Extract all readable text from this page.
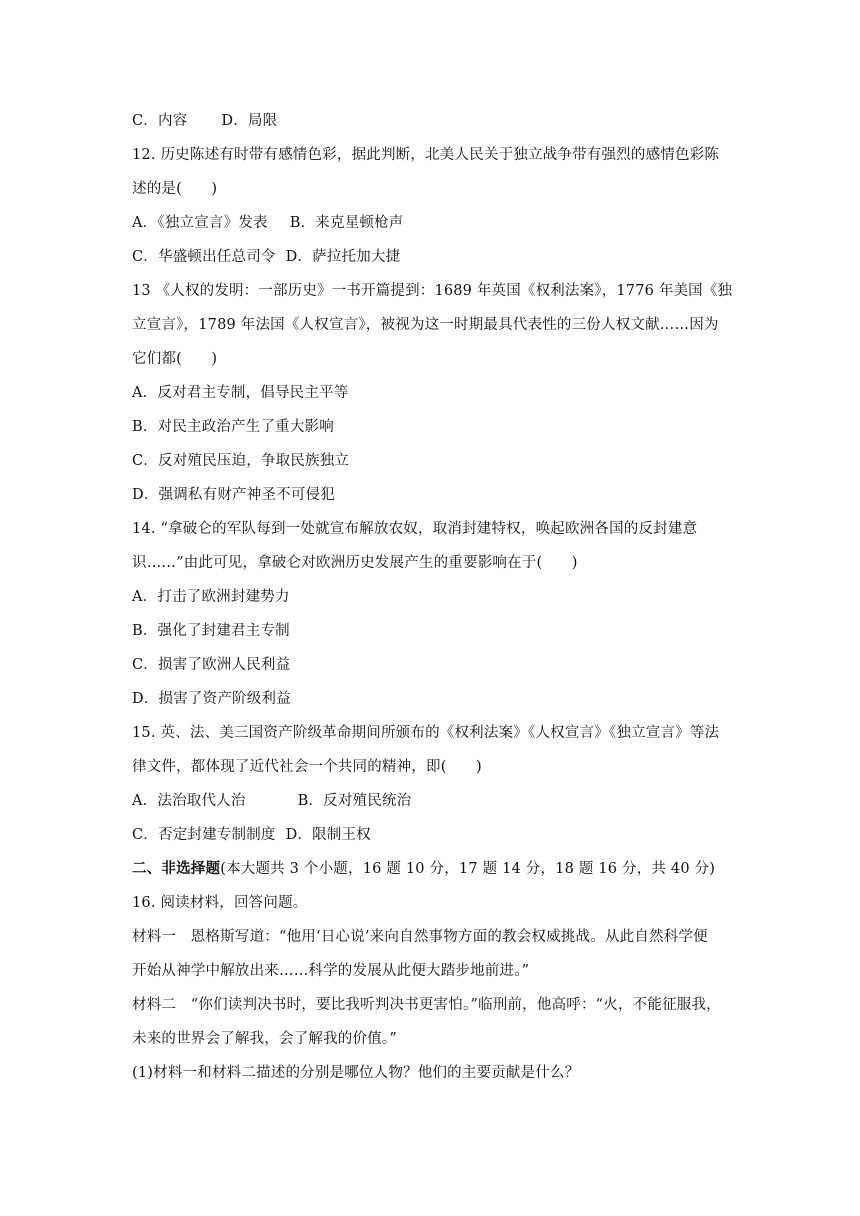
C．内容 D．局限
12. 历史陈述有时带有感情色彩，据此判断，北美人民关于独立战争带有强烈的感情色彩陈
述的是(　　)
A．《独立宣言》发表 B．来克星顿枪声
C．华盛顿出任总司令 D．萨拉托加大捷
13 《人权的发明：一部历史》一书开篇提到：1689 年英国《权利法案》，1776 年美国《独
立宣言》，1789 年法国《人权宣言》，被视为这一时期最具代表性的三份人权文献……因为
它们都(　　)
A．反对君主专制，倡导民主平等
B．对民主政治产生了重大影响
C．反对殖民压迫，争取民族独立
D．强调私有财产神圣不可侵犯
14. “拿破仑的军队每到一处就宣布解放农奴，取消封建特权，唤起欧洲各国的反封建意
识……”由此可见，拿破仑对欧洲历史发展产生的重要影响在于(　　)
A．打击了欧洲封建势力
B．强化了封建君主专制
C．损害了欧洲人民利益
D．损害了资产阶级利益
15. 英、法、美三国资产阶级革命期间所颁布的《权利法案》《人权宣言》《独立宣言》等法
律文件，都体现了近代社会一个共同的精神，即(　　)
A．法治取代人治	B．反对殖民统治
C．否定封建专制制度 D．限制王权
二、非选择题(本大题共 3 个小题，16 题 10 分，17 题 14 分，18 题 16 分，共 40 分)
16. 阅读材料，回答问题。
材料一　恩格斯写道：“他用‘日心说’来向自然事物方面的教会权威挑战。从此自然科学便
开始从神学中解放出来……科学的发展从此便大踏步地前进。”
材料二　“你们读判决书时，要比我听判决书更害怕。”临刑前，他高呼：“火，不能征服我，
未来的世界会了解我，会了解我的价值。”
(1)材料一和材料二描述的分别是哪位人物？他们的主要贡献是什么？
